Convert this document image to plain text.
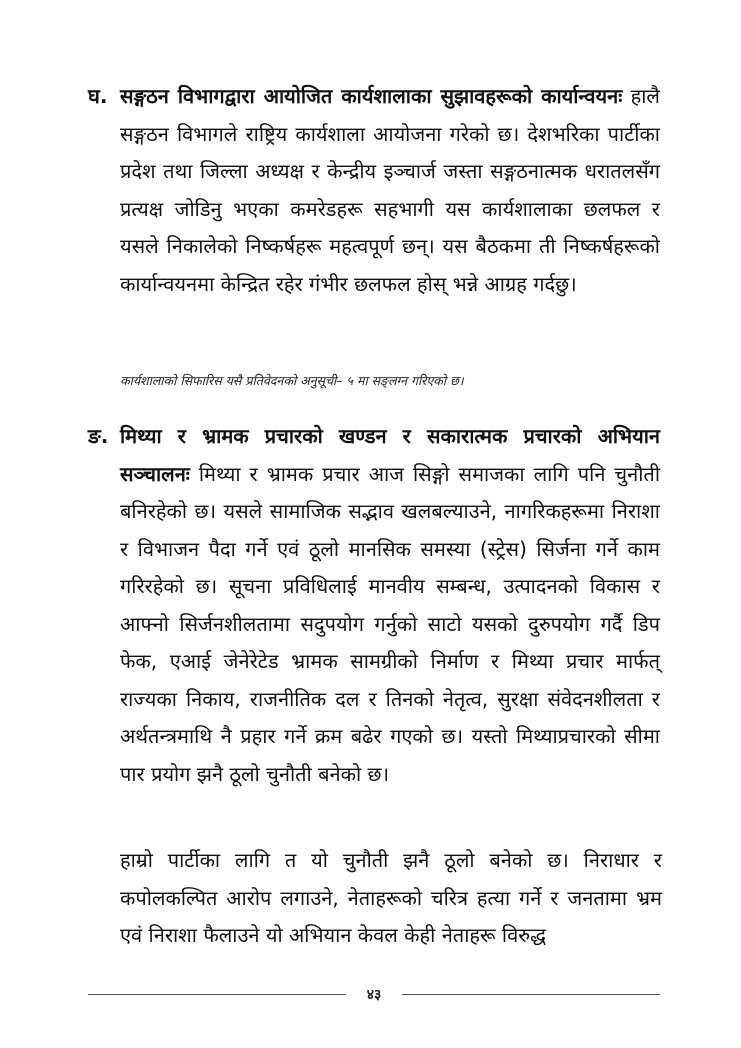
घ. सङ्गठन विभागद्वारा आयोजित कार्यशालाका सुझावहरूको कार्यान्वयनः हालै सङ्गठन विभागले राष्ट्रिय कार्यशाला आयोजना गरेको छ। देशभरिका पार्टीका प्रदेश तथा जिल्ला अध्यक्ष र केन्द्रीय इञ्चार्ज जस्ता सङ्गठनात्मक धरातलसँग प्रत्यक्ष जोडिनु भएका कमरेडहरू सहभागी यस कार्यशालाका छलफल र यसले निकालेको निष्कर्षहरू महत्वपूर्ण छन्। यस बैठकमा ती निष्कर्षहरूको कार्यान्वयनमा केन्द्रित रहेर गंभीर छलफल होस् भन्ने आग्रह गर्दछु।

कार्यशालाको सिफारिस यसै प्रतिवेदनको अनुसूची– ५ मा सङ्लग्न गरिएको छ।

ङ. मिथ्या र भ्रामक प्रचारको खण्डन र सकारात्मक प्रचारको अभियान सञ्चालनः मिथ्या र भ्रामक प्रचार आज सिङ्गो समाजका लागि पनि चुनौती बनिरहेको छ। यसले सामाजिक सद्भाव खलबल्याउने, नागरिकहरूमा निराशा र विभाजन पैदा गर्ने एवं ठूलो मानसिक समस्या (स्ट्रेस) सिर्जना गर्ने काम गरिरहेको छ। सूचना प्रविधिलाई मानवीय सम्बन्ध, उत्पादनको विकास र आफ्नो सिर्जनशीलतामा सदुपयोग गर्नुको साटो यसको दुरुपयोग गर्दै डिप फेक, एआई जेनेरेटेड भ्रामक सामग्रीको निर्माण र मिथ्या प्रचार मार्फत् राज्यका निकाय, राजनीतिक दल र तिनको नेतृत्व, सुरक्षा संवेदनशीलता र अर्थतन्त्रमाथि नै प्रहार गर्ने क्रम बढेर गएको छ। यस्तो मिथ्याप्रचारको सीमा पार प्रयोग झनै ठूलो चुनौती बनेको छ।

हाम्रो पार्टीका लागि त यो चुनौती झनै ठूलो बनेको छ। निराधार र कपोलकल्पित आरोप लगाउने, नेताहरूको चरित्र हत्या गर्ने र जनतामा भ्रम एवं निराशा फैलाउने यो अभियान केवल केही नेताहरू विरुद्ध

४३
